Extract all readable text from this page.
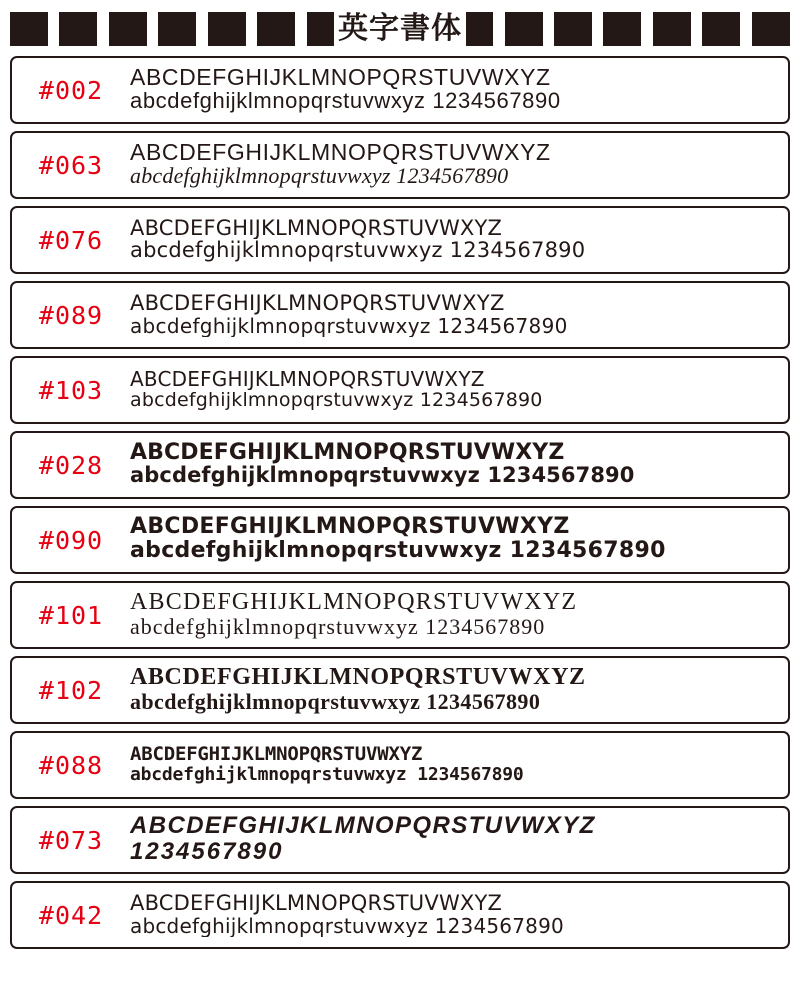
英字書体
#002	ABCDEFGHIJKLMNOPQRSTUVWXYZ
abcdefghijklmnopqrstuvwxyz 1234567890
#063	ABCDEFGHIJKLMNOPQRSTUVWXYZ
abcdefghijklmnopqrstuvwxyz 1234567890
#076	ABCDEFGHIJKLMNOPQRSTUVWXYZ
abcdefghijklmnopqrstuvwxyz 1234567890
#089	ABCDEFGHIJKLMNOPQRSTUVWXYZ
abcdefghijklmnopqrstuvwxyz 1234567890
#103	ABCDEFGHIJKLMNOPQRSTUVWXYZ
abcdefghijklmnopqrstuvwxyz 1234567890
#028	ABCDEFGHIJKLMNOPQRSTUVWXYZ
abcdefghijklmnopqrstuvwxyz 1234567890
#090	ABCDEFGHIJKLMNOPQRSTUVWXYZ
abcdefghijklmnopqrstuvwxyz 1234567890
#101	ABCDEFGHIJKLMNOPQRSTUVWXYZ
abcdefghijklmnopqrstuvwxyz 1234567890
#102	ABCDEFGHIJKLMNOPQRSTUVWXYZ
abcdefghijklmnopqrstuvwxyz 1234567890
#088	ABCDEFGHIJKLMNOPQRSTUVWXYZ
abcdefghijklmnopqrstuvwxyz 1234567890
#073	ABCDEFGHIJKLMNOPQRSTUVWXYZ
1234567890
#042	ABCDEFGHIJKLMNOPQRSTUVWXYZ
abcdefghijklmnopqrstuvwxyz 1234567890
